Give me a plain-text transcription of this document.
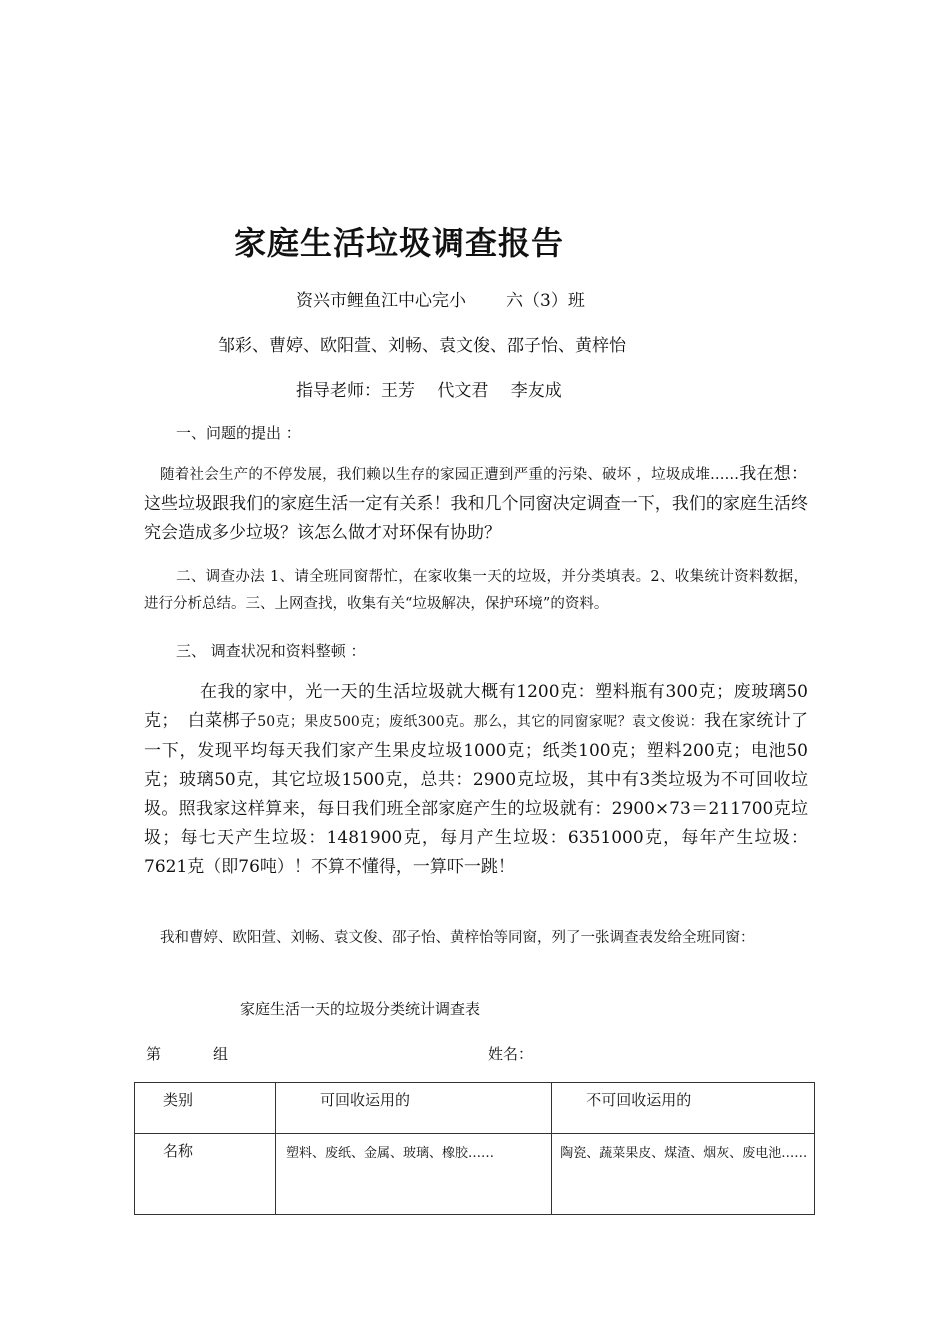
家庭生活垃圾调查报告
资兴市鲤鱼江中心完小 六（3）班
邹彩、曹婷、欧阳萱、刘畅、袁文俊、邵子怡、黄梓怡
指导老师：王芳　 代文君　 李友成
一、问题的提出 ：
随着社会生产的不停发展，我们赖以生存的家园正遭到严重的污染、破坏 ，垃圾成堆……我在想：这些垃圾跟我们的家庭生活一定有关系！我和几个同窗决定调查一下，我们的家庭生活终究会造成多少垃圾？该怎么做才对环保有协助？
二、调查办法 1、请全班同窗帮忙，在家收集一天的垃圾，并分类填表。2、收集统计资料数据，进行分析总结。三、上网查找，收集有关“垃圾解决，保护环境”的资料。
三、 调查状况和资料整顿 ：
在我的家中，光一天的生活垃圾就大概有1200克：塑料瓶有300克；废玻璃50克；　白菜梆子50克；果皮500克；废纸300克。那么，其它的同窗家呢？袁文俊说：我在家统计了一下，发现平均每天我们家产生果皮垃圾1000克；纸类100克；塑料200克；电池50克；玻璃50克，其它垃圾1500克，总共：2900克垃圾，其中有3类垃圾为不可回收垃圾。照我家这样算来，每日我们班全部家庭产生的垃圾就有：2900×73＝211700克垃圾；每七天产生垃圾：1481900克，每月产生垃圾：6351000克，每年产生垃圾：7621克（即76吨）！不算不懂得，一算吓一跳！
我和曹婷、欧阳萱、刘畅、袁文俊、邵子怡、黄梓怡等同窗，列了一张调查表发给全班同窗：
家庭生活一天的垃圾分类统计调查表
第	组	姓名：
类别	可回收运用的	不可回收运用的
名称	塑料、废纸、金属、玻璃、橡胶……	陶瓷、蔬菜果皮、煤渣、烟灰、废电池……
